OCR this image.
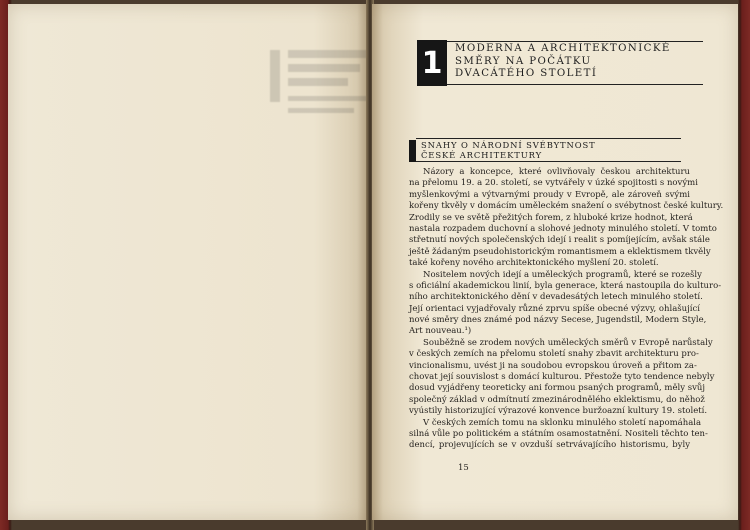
1	MODERNA A ARCHITEKTONICKÉ
SMĚRY NA POČÁTKU
DVACÁTÉHO STOLETÍ
SNAHY O NÁRODNÍ SVÉBYTNOST
ČESKÉ ARCHITEKTURY
Názory a koncepce, které ovlivňovaly českou architekturu
na přelomu 19. a 20. století, se vytvářely v úzké spojitosti s novými
myšlenkovými a výtvarnými proudy v Evropě, ale zároveň svými
kořeny tkvěly v domácím uměleckém snažení o svébytnost české kultury.
Zrodily se ve světě přežitých forem, z hluboké krize hodnot, která
nastala rozpadem duchovní a slohové jednoty minulého století. V tomto
střetnutí nových společenských idejí i realit s pomíjejícím, avšak stále
ještě žádaným pseudohistorickým romantismem a eklektismem tkvěly
také kořeny nového architektonického myšlení 20. století.
Nositelem nových idejí a uměleckých programů, které se rozešly
s oficiální akademickou linií, byla generace, která nastoupila do kulturo-
ního architektonického dění v devadesátých letech minulého století.
Její orientaci vyjadřovaly různé zprvu spíše obecné výzvy, ohlašující
nové směry dnes známé pod názvy Secese, Jugendstil, Modern Style,
Art nouveau.¹)
Souběžně se zrodem nových uměleckých směrů v Evropě narůstaly
v českých zemích na přelomu století snahy zbavit architekturu pro-
vincionalismu, uvést ji na soudobou evropskou úroveň a přitom za-
chovat její souvislost s domácí kulturou. Přestože tyto tendence nebyly
dosud vyjádřeny teoreticky ani formou psaných programů, měly svůj
společný základ v odmítnutí zmezinárodnělého eklektismu, do něhož
vyústily historizující výrazové konvence buržoazní kultury 19. století.
V českých zemích tomu na sklonku minulého století napomáhala
silná vůle po politickém a státním osamostatnění. Nositeli těchto ten-
dencí, projevujících se v ovzduší setrvávajícího historismu, byly
15
